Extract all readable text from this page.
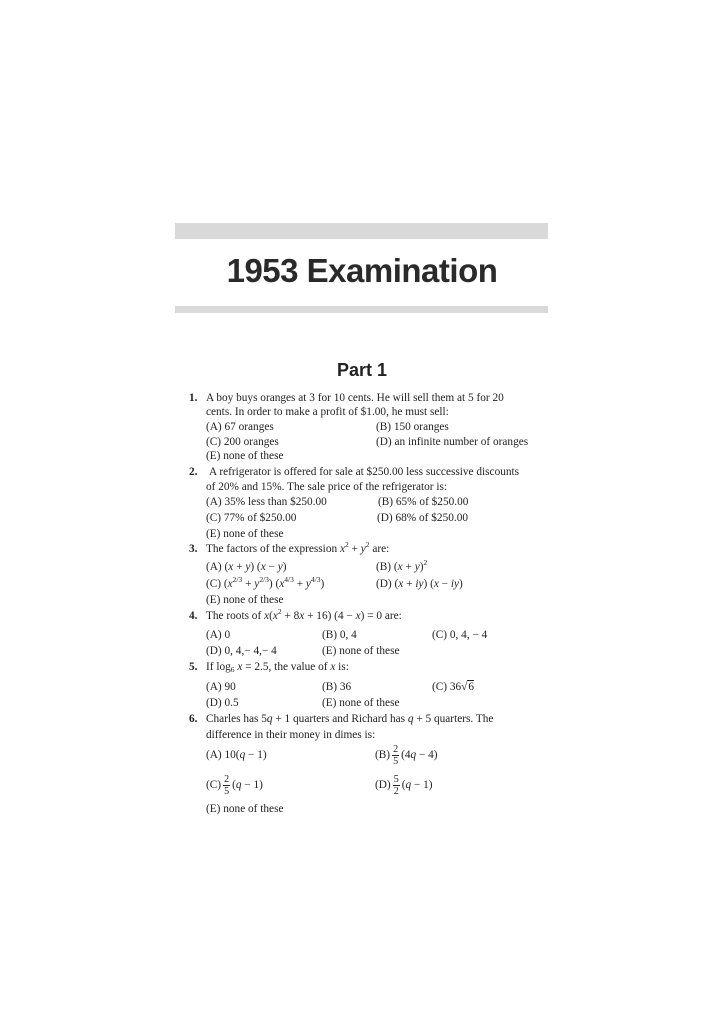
1953 Examination
Part 1
1. A boy buys oranges at 3 for 10 cents. He will sell them at 5 for 20
cents. In order to make a profit of $1.00, he must sell:
(A) 67 oranges	(B) 150 oranges
(C) 200 oranges	(D) an infinite number of oranges
(E) none of these
2. A refrigerator is offered for sale at $250.00 less successive discounts
of 20% and 15%. The sale price of the refrigerator is:
(A) 35% less than $250.00	(B) 65% of $250.00
(C) 77% of $250.00	(D) 68% of $250.00
(E) none of these
3. The factors of the expression $x^2 + y^2$ are:
(A) (x + y) (x − y)	(B) $(x + y)^2$
(C) $(x^{2/3} + y^{2/3}) (x^{4/3} + y^{4/3})$	(D) (x + iy) (x − iy)
(E) none of these
4. The roots of $x(x^2 + 8x + 16) (4 - x) = 0$ are:
(A) 0	(B) 0, 4	(C) 0, 4, − 4
(D) 0, 4,− 4,− 4	(E) none of these
5. If $\log_6 x = 2.5$, the value of x is:
(A) 90	(B) 36	(C) 36√6
(D) 0.5	(E) none of these
6. Charles has 5q + 1 quarters and Richard has q + 5 quarters. The
difference in their money in dimes is:
(A) 10(q − 1)	$(B) \frac{2}{5} (4q - 4)$
$(C) \frac{2}{5} (q - 1)$	$(D) \frac{5}{2} (q - 1)$
(E) none of these
